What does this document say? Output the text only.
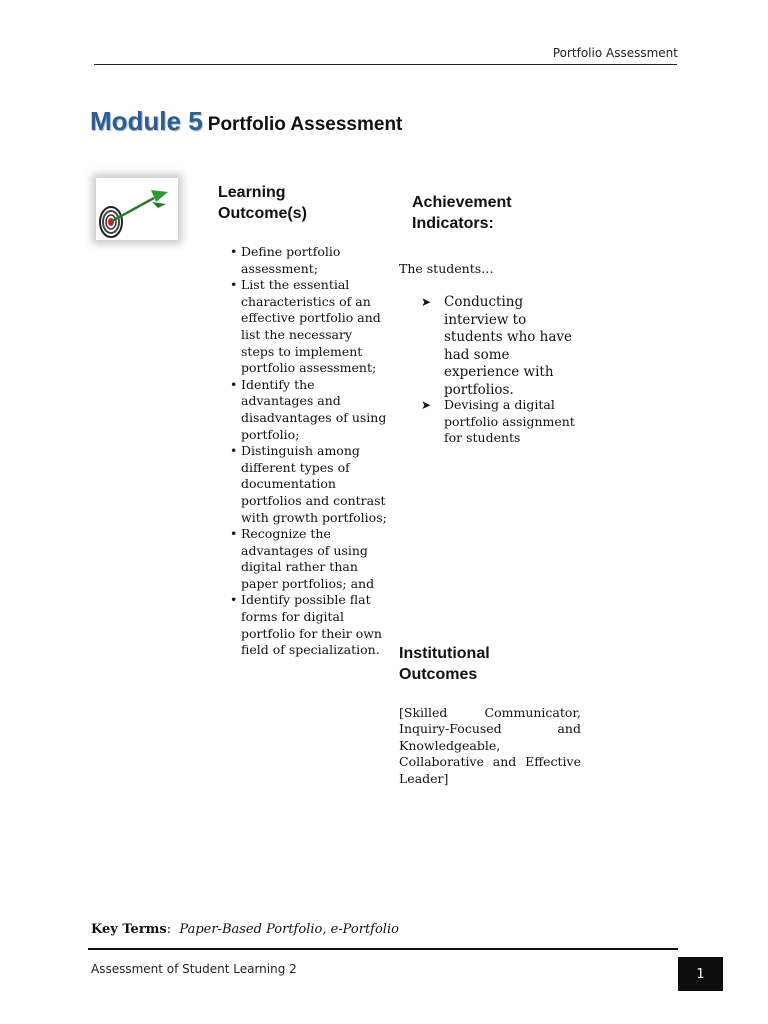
Portfolio Assessment
Module 5 Portfolio Assessment
Learning Outcome(s)
Achievement Indicators:
• Define portfolio assessment;
• List the essential characteristics of an effective portfolio and list the necessary steps to implement portfolio assessment;
• Identify the advantages and disadvantages of using portfolio;
• Distinguish among different types of documentation portfolios and contrast with growth portfolios;
• Recognize the advantages of using digital rather than paper portfolios; and
• Identify possible flat forms for digital portfolio for their own field of specialization.
The students…
➤ Conducting interview to students who have had some experience with portfolios.
➤ Devising a digital portfolio assignment for students
Institutional Outcomes
[Skilled Communicator, Inquiry-Focused and Knowledgeable, Collaborative and Effective Leader]
Key Terms:  Paper-Based Portfolio, e-Portfolio
Assessment of Student Learning 2	1
